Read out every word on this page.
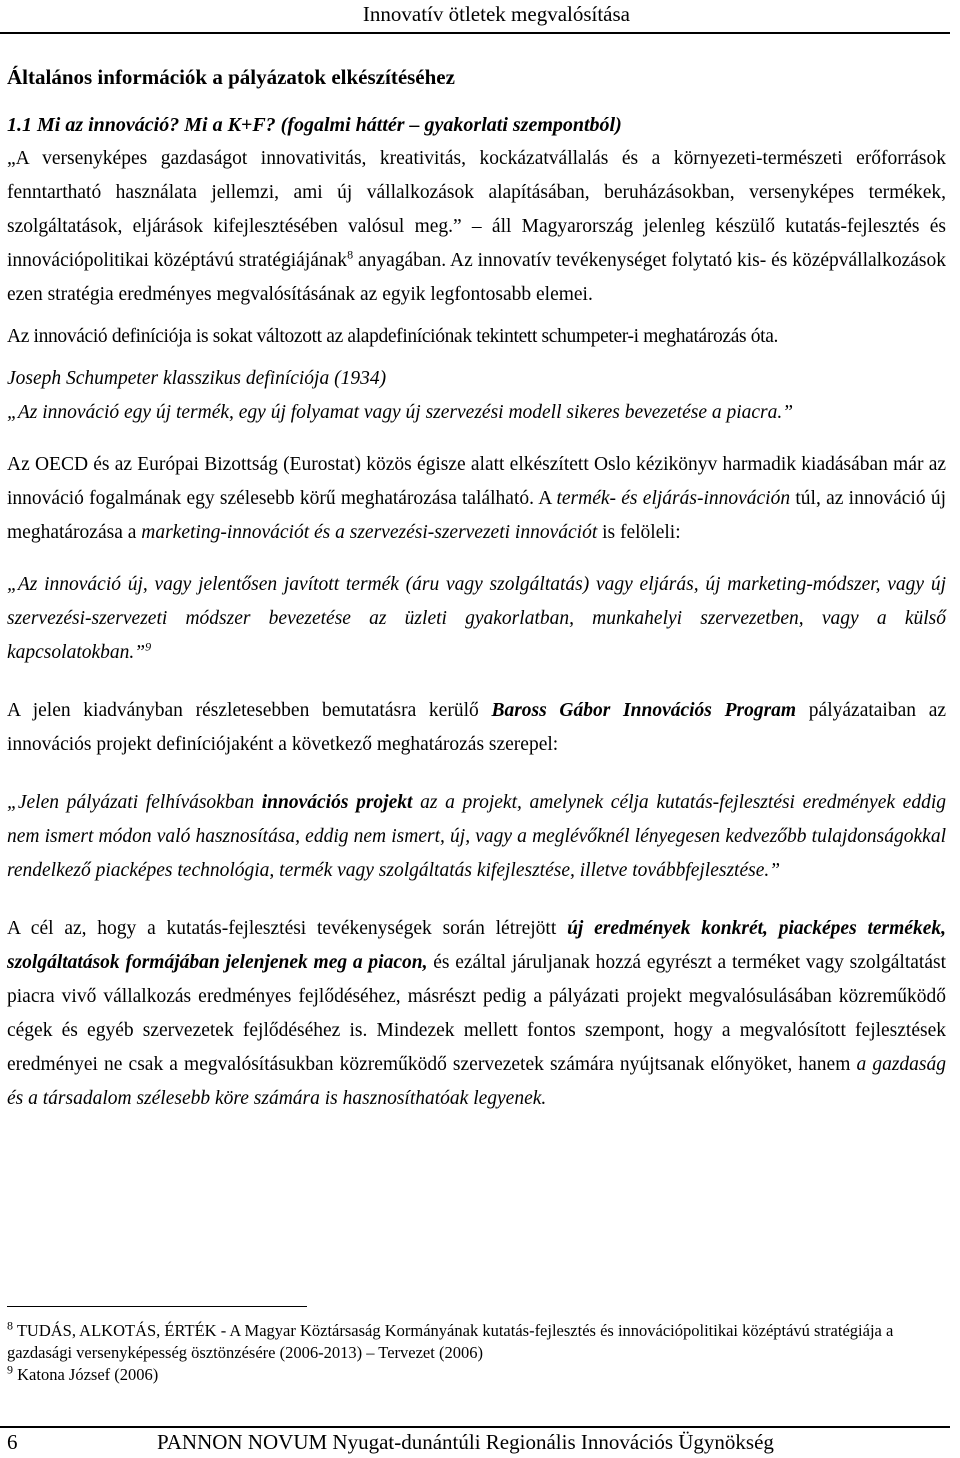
Innovatív ötletek megvalósítása
Általános információk a pályázatok elkészítéséhez
1.1 Mi az innováció? Mi a K+F? (fogalmi háttér – gyakorlati szempontból)

„A versenyképes gazdaságot innovativitás, kreativitás, kockázatvállalás és a környezeti-természeti erőforrások fenntartható használata jellemzi, ami új vállalkozások alapításában, beruházásokban, versenyképes termékek, szolgáltatások, eljárások kifejlesztésében valósul meg.” – áll Magyarország jelenleg készülő kutatás-fejlesztés és innovációpolitikai középtávú stratégiájának$^8$ anyagában. Az innovatív tevékenységet folytató kis- és középvállalkozások ezen stratégia eredményes megvalósításának az egyik legfontosabb elemei.

Az innováció definíciója is sokat változott az alapdefiníciónak tekintett schumpeter-i meghatározás óta.

Joseph Schumpeter klasszikus definíciója (1934)

„Az innováció egy új termék, egy új folyamat vagy új szervezési modell sikeres bevezetése a piacra.”

Az OECD és az Európai Bizottság (Eurostat) közös égisze alatt elkészített Oslo kézikönyv harmadik kiadásában már az innováció fogalmának egy szélesebb körű meghatározása található. A termék- és eljárás-innováción túl, az innováció új meghatározása a marketing-innovációt és a szervezési-szervezeti innovációt is felöleli:

„Az innováció új, vagy jelentősen javított termék (áru vagy szolgáltatás) vagy eljárás, új marketing-módszer, vagy új szervezési-szervezeti módszer bevezetése az üzleti gyakorlatban, munkahelyi szervezetben, vagy a külső kapcsolatokban.”$^9$

A jelen kiadványban részletesebben bemutatásra kerülő Baross Gábor Innovációs Program pályázataiban az innovációs projekt definíciójaként a következő meghatározás szerepel:

„Jelen pályázati felhívásokban innovációs projekt az a projekt, amelynek célja kutatás-fejlesztési eredmények eddig nem ismert módon való hasznosítása, eddig nem ismert, új, vagy a meglévőknél lényegesen kedvezőbb tulajdonságokkal rendelkező piacképes technológia, termék vagy szolgáltatás kifejlesztése, illetve továbbfejlesztése.”

A cél az, hogy a kutatás-fejlesztési tevékenységek során létrejött új eredmények konkrét, piacképes termékek, szolgáltatások formájában jelenjenek meg a piacon, és ezáltal járuljanak hozzá egyrészt a terméket vagy szolgáltatást piacra vivő vállalkozás eredményes fejlődéséhez, másrészt pedig a pályázati projekt megvalósulásában közreműködő cégek és egyéb szervezetek fejlődéséhez is. Mindezek mellett fontos szempont, hogy a megvalósított fejlesztések eredményei ne csak a megvalósításukban közreműködő szervezetek számára nyújtsanak előnyöket, hanem a gazdaság és a társadalom szélesebb köre számára is hasznosíthatóak legyenek.

$^8$ TUDÁS, ALKOTÁS, ÉRTÉK - A Magyar Köztársaság Kormányának kutatás-fejlesztés és innovációpolitikai középtávú stratégiája a gazdasági versenyképesség ösztönzésére (2006-2013) – Tervezet (2006)

$^9$ Katona József (2006)

6	PANNON NOVUM Nyugat-dunántúli Regionális Innovációs Ügynökség
